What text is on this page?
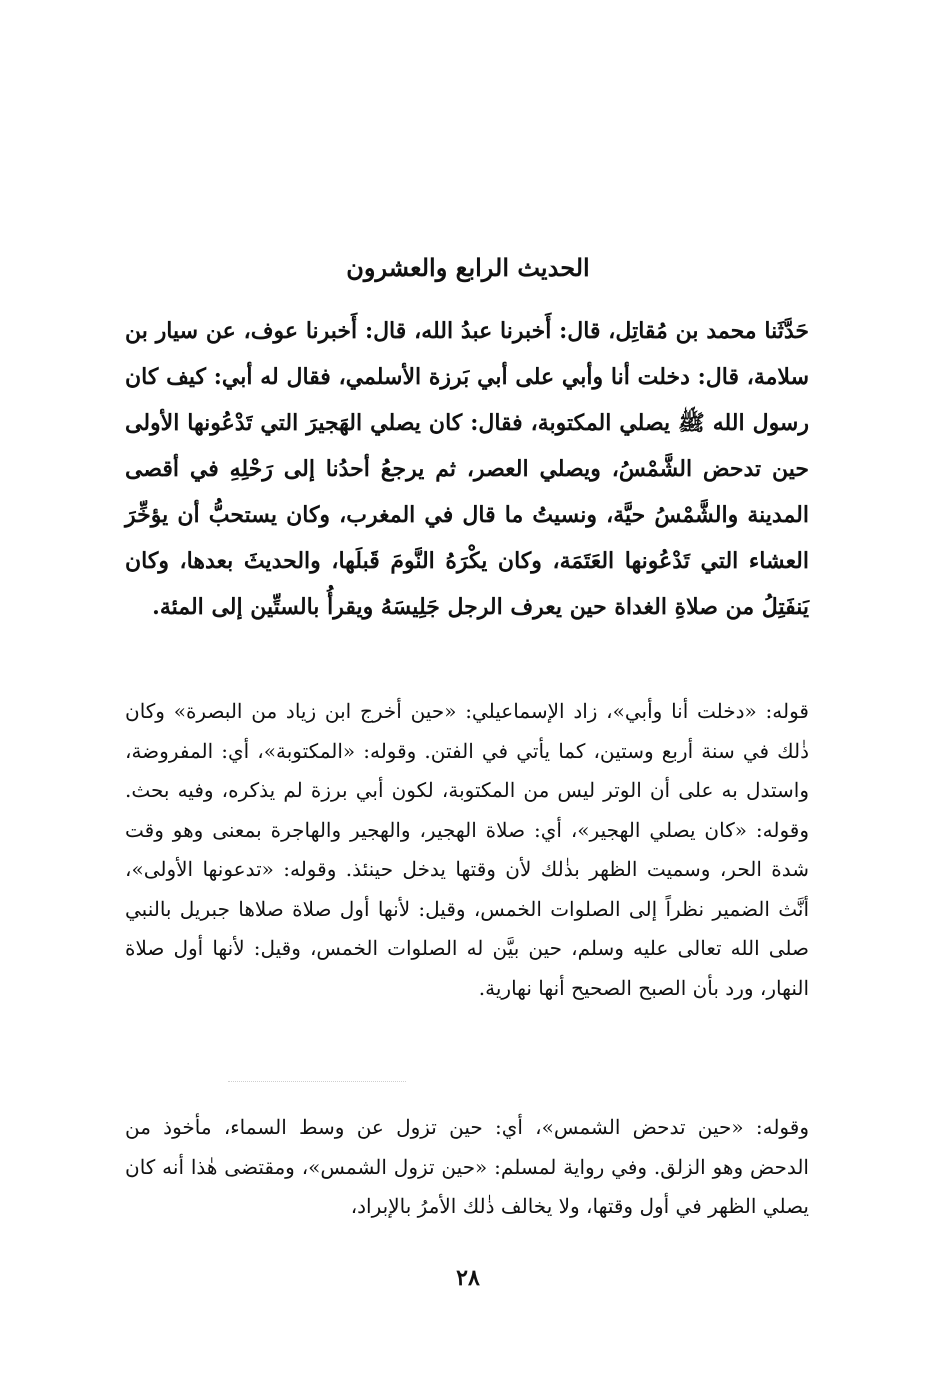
الحديث الرابع والعشرون

حَدَّثَنا محمد بن مُقاتِل، قال: أَخبرنا عبدُ الله، قال: أَخبرنا عوف، عن سيار بن سلامة، قال: دخلت أنا وأبي على أبي بَرزة الأسلمي، فقال له أبي: كيف كان رسول الله ﷺ يصلي المكتوبة، فقال: كان يصلي الهَجيرَ التي تَدْعُونها الأولى حين تدحض الشَّمْسُ، ويصلي العصر، ثم يرجعُ أحدُنا إلى رَحْلِهِ في أقصى المدينة والشَّمْسُ حيَّة، ونسيتُ ما قال في المغرب، وكان يستحبُّ أن يؤخِّرَ العشاء التي تَدْعُونها العَتَمَة، وكان يكْرَهُ النَّومَ قَبلَها، والحديثَ بعدها، وكان يَنفَتِلُ من صلاةِ الغداة حين يعرف الرجل جَلِيسَهُ ويقرأُ بالستِّين إلى المئة.

قوله: «دخلت أنا وأبي»، زاد الإسماعيلي: «حين أخرج ابن زياد من البصرة» وكان ذٰلك في سنة أربع وستين، كما يأتي في الفتن. وقوله: «المكتوبة»، أي: المفروضة، واستدل به على أن الوتر ليس من المكتوبة، لكون أبي برزة لم يذكره، وفيه بحث. وقوله: «كان يصلي الهجير»، أي: صلاة الهجير، والهجير والهاجرة بمعنى وهو وقت شدة الحر، وسميت الظهر بذٰلك لأن وقتها يدخل حينئذ. وقوله: «تدعونها الأولى»، أنَّث الضمير نظراً إلى الصلوات الخمس، وقيل: لأنها أول صلاة صلاها جبريل بالنبي صلى الله تعالى عليه وسلم، حين بيَّن له الصلوات الخمس، وقيل: لأنها أول صلاة النهار، ورد بأن الصبح الصحيح أنها نهارية.

وقوله: «حين تدحض الشمس»، أي: حين تزول عن وسط السماء، مأخوذ من الدحض وهو الزلق. وفي رواية لمسلم: «حين تزول الشمس»، ومقتضى هٰذا أنه كان يصلي الظهر في أول وقتها، ولا يخالف ذٰلك الأمرُ بالإبراد،

٢٨
